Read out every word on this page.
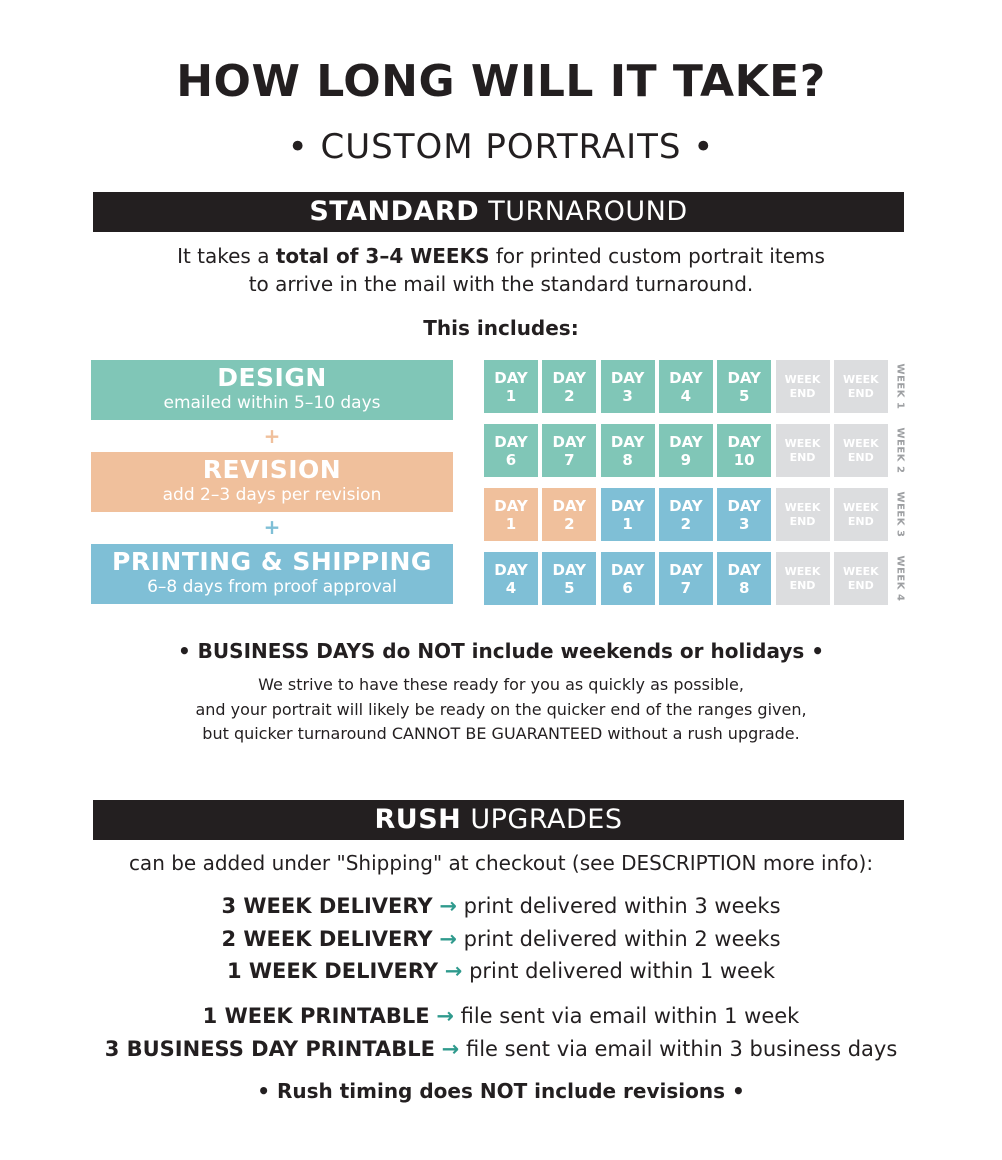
HOW LONG WILL IT TAKE?
• CUSTOM PORTRAITS •
STANDARD TURNAROUND
It takes a total of 3–4 WEEKS for printed custom portrait items
to arrive in the mail with the standard turnaround.
This includes:
DESIGN
emailed within 5–10 days
+
REVISION
add 2–3 days per revision
+
PRINTING & SHIPPING
6–8 days from proof approval
DAY
1
DAY
2
DAY
3
DAY
4
DAY
5
WEEK
END
WEEK
END WEEK 1
DAY
6
DAY
7
DAY
8
DAY
9
DAY
10
WEEK
END
WEEK
END WEEK 2
DAY
1
DAY
2
DAY
1
DAY
2
DAY
3
WEEK
END
WEEK
END WEEK 3
DAY
4
DAY
5
DAY
6
DAY
7
DAY
8
WEEK
END
WEEK
END WEEK 4
• BUSINESS DAYS do NOT include weekends or holidays •
We strive to have these ready for you as quickly as possible,
and your portrait will likely be ready on the quicker end of the ranges given,
but quicker turnaround CANNOT BE GUARANTEED without a rush upgrade.
RUSH UPGRADES
can be added under "Shipping" at checkout (see DESCRIPTION more info):
3 WEEK DELIVERY → print delivered within 3 weeks
2 WEEK DELIVERY → print delivered within 2 weeks
1 WEEK DELIVERY → print delivered within 1 week
1 WEEK PRINTABLE → file sent via email within 1 week
3 BUSINESS DAY PRINTABLE → file sent via email within 3 business days
• Rush timing does NOT include revisions •
